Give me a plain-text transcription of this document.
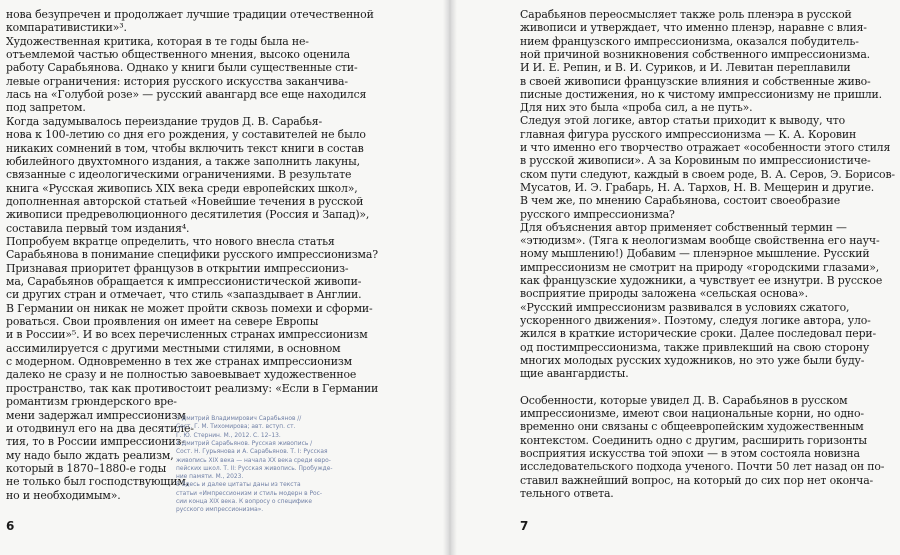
нова безупречен и продолжает лучшие традиции отечественной
компаративистики»³.
Художественная критика, которая в те годы была не-
отъемлемой частью общественного мнения, высоко оценила
работу Сарабьянова. Однако у книги были существенные сти-
левые ограничения: история русского искусства заканчива-
лась на «Голубой розе» — русский авангард все еще находился
под запретом.
Когда задумывалось переиздание трудов Д. В. Сарабья-
нова к 100-летию со дня его рождения, у составителей не было
никаких сомнений в том, чтобы включить текст книги в состав
юбилейного двухтомного издания, а также заполнить лакуны,
связанные с идеологическими ограничениями. В результате
книга «Русская живопись XIX века среди европейских школ»,
дополненная авторской статьей «Новейшие течения в русской
живописи предреволюционного десятилетия (Россия и Запад)»,
составила первый том издания⁴.
Попробуем вкратце определить, что нового внесла статья
Сарабьянова в понимание специфики русского импрессионизма?
Признавая приоритет французов в открытии импрессиониз-
ма, Сарабьянов обращается к импрессионистической живопи-
си других стран и отмечает, что стиль «запаздывает в Англии.
В Германии он никак не может пройти сквозь помехи и сформи-
роваться. Свои проявления он имеет на севере Европы
и в России»⁵. И во всех перечисленных странах импрессионизм
ассимилируется с другими местными стилями, в основном
с модерном. Одновременно в тех же странах импрессионизм
далеко не сразу и не полностью завоевывает художественное
пространство, так как противостоит реализму: «Если в Германии
романтизм грюндерского вре-
мени задержал импрессионизм
и отодвинул его на два десятиле-
тия, то в России импрессиониз-
му надо было ждать реализм,
который в 1870–1880-е годы
не только был господствующим,
но и необходимым».
3 Дмитрий Владимирович Сарабьянов //
Сост. Г. М. Тихомирова; авт. вступ. ст.
Г. Ю. Стернин. М., 2012. С. 12–13.
4 Дмитрий Сарабьянов. Русская живопись /
Сост. Н. Гурьянова и А. Сарабьянов. Т. I: Русская
живопись XIX века — начала XX века среди евро-
пейских школ. Т. II: Русская живопись. Пробужде-
ние памяти. М., 2023.
5 Здесь и далее цитаты даны из текста
статьи «Импрессионизм и стиль модерн в Рос-
сии конца XIX века. К вопросу о специфике
русского импрессионизма».
6
Сарабьянов переосмысляет также роль пленэра в русской
живописи и утверждает, что именно пленэр, наравне с влия-
нием французского импрессионизма, оказался побудитель-
ной причиной возникновения собственного импрессионизма.
И И. Е. Репин, и В. И. Суриков, и И. Левитан переплавили
в своей живописи французские влияния и собственные живо-
писные достижения, но к чистому импрессионизму не пришли.
Для них это была «проба сил, а не путь».
Следуя этой логике, автор статьи приходит к выводу, что
главная фигура русского импрессионизма — К. А. Коровин
и что именно его творчество отражает «особенности этого стиля
в русской живописи». А за Коровиным по импрессионистиче-
ском пути следуют, каждый в своем роде, В. А. Серов, Э. Борисов-
Мусатов, И. Э. Грабарь, Н. А. Тархов, Н. В. Мещерин и другие.
В чем же, по мнению Сарабьянова, состоит своеобразие
русского импрессионизма?
Для объяснения автор применяет собственный термин —
«этюдизм». (Тяга к неологизмам вообще свойственна его науч-
ному мышлению!) Добавим — пленэрное мышление. Русский
импрессионизм не смотрит на природу «городскими глазами»,
как французские художники, а чувствует ее изнутри. В русское
восприятие природы заложена «сельская основа».
«Русский импрессионизм развивался в условиях сжатого,
ускоренного движения». Поэтому, следуя логике автора, уло-
жился в краткие исторические сроки. Далее последовал пери-
од постимпрессионизма, также привлекший на свою сторону
многих молодых русских художников, но это уже были буду-
щие авангардисты.
Особенности, которые увидел Д. В. Сарабьянов в русском
импрессионизме, имеют свои национальные корни, но одно-
временно они связаны с общеевропейским художественным
контекстом. Соединить одно с другим, расширить горизонты
восприятия искусства той эпохи — в этом состояла новизна
исследовательского подхода ученого. Почти 50 лет назад он по-
ставил важнейший вопрос, на который до сих пор нет оконча-
тельного ответа.
7
